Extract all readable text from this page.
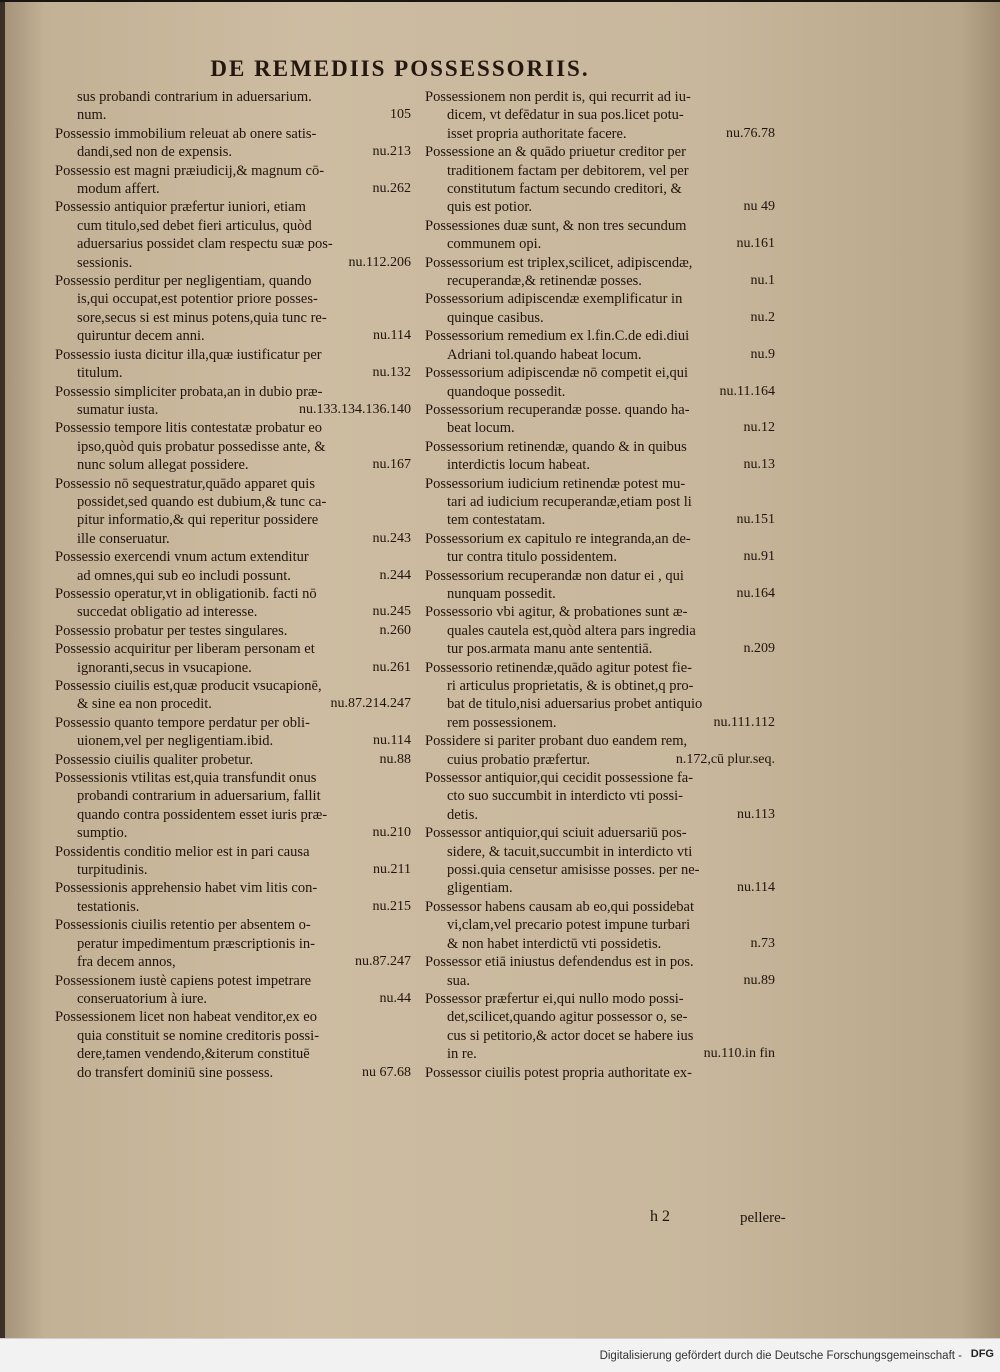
DE REMEDIIS POSSESSORIIS.
sus probandi contrarium in aduersarium.
105
num.
Possessio immobilium releuat ab onere satis-
nu.213
dandi,sed non de expensis.
Possessio est magni præiudicij,& magnum cō-
nu.262
modum affert.
Possessio antiquior præfertur iuniori, etiam
cum titulo,sed debet fieri articulus, quòd
aduersarius possidet clam respectu suæ pos-
nu.112.206
sessionis.
Possessio perditur per negligentiam, quando
is,qui occupat,est potentior priore posses-
sore,secus si est minus potens,quia tunc re-
nu.114
quiruntur decem anni.
Possessio iusta dicitur illa,quæ iustificatur per
nu.132
titulum.
Possessio simpliciter probata,an in dubio præ-
nu.133.134.136.140
sumatur iusta.
Possessio tempore litis contestatæ probatur eo
ipso,quòd quis probatur possedisse ante, &
nu.167
nunc solum allegat possidere.
Possessio nō sequestratur,quādo apparet quis
possidet,sed quando est dubium,& tunc ca-
pitur informatio,& qui reperitur possidere
nu.243
ille conseruatur.
Possessio exercendi vnum actum extenditur
n.244
ad omnes,qui sub eo includi possunt.
Possessio operatur,vt in obligationib. facti nō
nu.245
succedat obligatio ad interesse.
n.260
Possessio probatur per testes singulares.
Possessio acquiritur per liberam personam et
nu.261
ignoranti,secus in vsucapione.
Possessio ciuilis est,quæ producit vsucapionē,
nu.87.214.247
& sine ea non procedit.
Possessio quanto tempore perdatur per obli-
nu.114
uionem,vel per negligentiam.ibid.
nu.88
Possessio ciuilis qualiter probetur.
Possessionis vtilitas est,quia transfundit onus
probandi contrarium in aduersarium, fallit
quando contra possidentem esset iuris præ-
nu.210
sumptio.
Possidentis conditio melior est in pari causa
nu.211
turpitudinis.
Possessionis apprehensio habet vim litis con-
nu.215
testationis.
Possessionis ciuilis retentio per absentem o-
peratur impedimentum præscriptionis in-
nu.87.247
fra decem annos,
Possessionem iustè capiens potest impetrare
nu.44
conseruatorium à iure.
Possessionem licet non habeat venditor,ex eo
quia constituit se nomine creditoris possi-
dere,tamen vendendo,&iterum constituē
nu 67.68
do transfert dominiū sine possess.
Possessionem non perdit is, qui recurrit ad iu-
dicem, vt defēdatur in sua pos.licet potu-
nu.76.78
isset propria authoritate facere.
Possessione an & quādo priuetur creditor per
traditionem factam per debitorem, vel per
constitutum factum secundo creditori, &
nu 49
quis est potior.
Possessiones duæ sunt, & non tres secundum
nu.161
communem opi.
Possessorium est triplex,scilicet, adipiscendæ,
nu.1
recuperandæ,& retinendæ posses.
Possessorium adipiscendæ exemplificatur in
nu.2
quinque casibus.
Possessorium remedium ex l.fin.C.de edi.diui
nu.9
Adriani tol.quando habeat locum.
Possessorium adipiscendæ nō competit ei,qui
nu.11.164
quandoque possedit.
Possessorium recuperandæ posse. quando ha-
nu.12
beat locum.
Possessorium retinendæ, quando & in quibus
nu.13
interdictis locum habeat.
Possessorium iudicium retinendæ potest mu-
tari ad iudicium recuperandæ,etiam post li
nu.151
tem contestatam.
Possessorium ex capitulo re integranda,an de-
nu.91
tur contra titulo possidentem.
Possessorium recuperandæ non datur ei , qui
nu.164
nunquam possedit.
Possessorio vbi agitur, & probationes sunt æ-
quales cautela est,quòd altera pars ingredia
n.209
tur pos.armata manu ante sententiā.
Possessorio retinendæ,quādo agitur potest fie-
ri articulus proprietatis, & is obtinet,q pro-
bat de titulo,nisi aduersarius probet antiquio
nu.111.112
rem possessionem.
Possidere si pariter probant duo eandem rem,
n.172,cū plur.seq.
cuius probatio præfertur.
Possessor antiquior,qui cecidit possessione fa-
cto suo succumbit in interdicto vti possi-
nu.113
detis.
Possessor antiquior,qui sciuit aduersariū pos-
sidere, & tacuit,succumbit in interdicto vti
possi.quia censetur amisisse posses. per ne-
nu.114
gligentiam.
Possessor habens causam ab eo,qui possidebat
vi,clam,vel precario potest impune turbari
n.73
& non habet interdictū vti possidetis.
Possessor etiā iniustus defendendus est in pos.
nu.89
sua.
Possessor præfertur ei,qui nullo modo possi-
det,scilicet,quando agitur possessor o, se-
cus si petitorio,& actor docet se habere ius
nu.110.in fin
in re.
Possessor ciuilis potest propria authoritate ex-
h 2	pellere-
Digitalisierung gefördert durch die Deutsche Forschungsgemeinschaft - DFG
